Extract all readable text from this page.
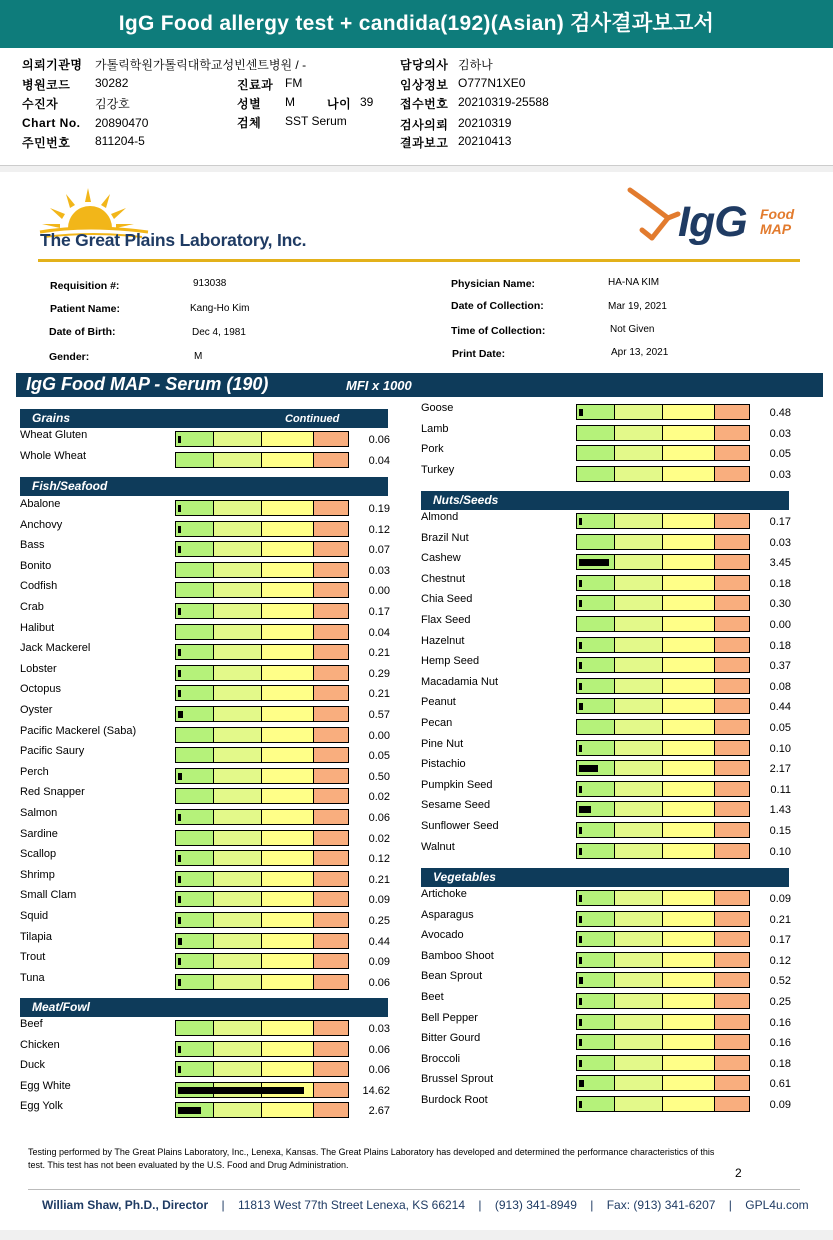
IgG Food allergy test + candida(192)(Asian) 검사결과보고서
의뢰기관명 가톨릭학원가톨릭대학교성빈센트병원 / -
병원코드 30282
수진자	김강호
Chart No. 20890470
주민번호 811204-5
진료과 FM
성별 M	나이 39
검체 SST Serum
담당의사 김하나
임상정보 O777N1XE0
접수번호 20210319-25588
검사의뢰 20210319
결과보고 20210413
The Great Plains Laboratory, Inc.	IgG Food
MAP
Requisition #:	913038
Patient Name:	Kang-Ho Kim
Date of Birth:	Dec 4, 1981
Gender:	M
Physician Name:	HA-NA KIM
Date of Collection:	Mar 19, 2021
Time of Collection:	Not Given
Print Date:	Apr 13, 2021
IgG Food MAP - Serum (190)	MFI x 1000
Grains	Continued
Fish/Seafood
Meat/Fowl
Nuts/Seeds
Vegetables
Wheat Gluten	0.06
Whole Wheat	0.04
Abalone	0.19
Anchovy	0.12
Bass	0.07
Bonito	0.03
Codfish	0.00
Crab	0.17
Halibut	0.04
Jack Mackerel	0.21
Lobster	0.29
Octopus	0.21
Oyster	0.57
Pacific Mackerel (Saba)	0.00
Pacific Saury	0.05
Perch	0.50
Red Snapper	0.02
Salmon	0.06
Sardine	0.02
Scallop	0.12
Shrimp	0.21
Small Clam	0.09
Squid	0.25
Tilapia	0.44
Trout	0.09
Tuna	0.06
Beef	0.03
Chicken	0.06
Duck	0.06
Egg White	14.62
Egg Yolk	2.67
Goose	0.48
Lamb	0.03
Pork	0.05
Turkey	0.03
Almond	0.17
Brazil Nut	0.03
Cashew	3.45
Chestnut	0.18
Chia Seed	0.30
Flax Seed	0.00
Hazelnut	0.18
Hemp Seed	0.37
Macadamia Nut	0.08
Peanut	0.44
Pecan	0.05
Pine Nut	0.10
Pistachio	2.17
Pumpkin Seed	0.11
Sesame Seed	1.43
Sunflower Seed	0.15
Walnut	0.10
Artichoke	0.09
Asparagus	0.21
Avocado	0.17
Bamboo Shoot	0.12
Bean Sprout	0.52
Beet	0.25
Bell Pepper	0.16
Bitter Gourd	0.16
Broccoli	0.18
Brussel Sprout	0.61
Burdock Root	0.09
Testing performed by The Great Plains Laboratory, Inc., Lenexa, Kansas. The Great Plains Laboratory has developed and determined the performance characteristics of this test. This test has not been evaluated by the U.S. Food and Drug Administration.
2
William Shaw, Ph.D., Director    |    11813 West 77th Street Lenexa, KS 66214    |    (913) 341-8949    |    Fax: (913) 341-6207    |    GPL4u.com
